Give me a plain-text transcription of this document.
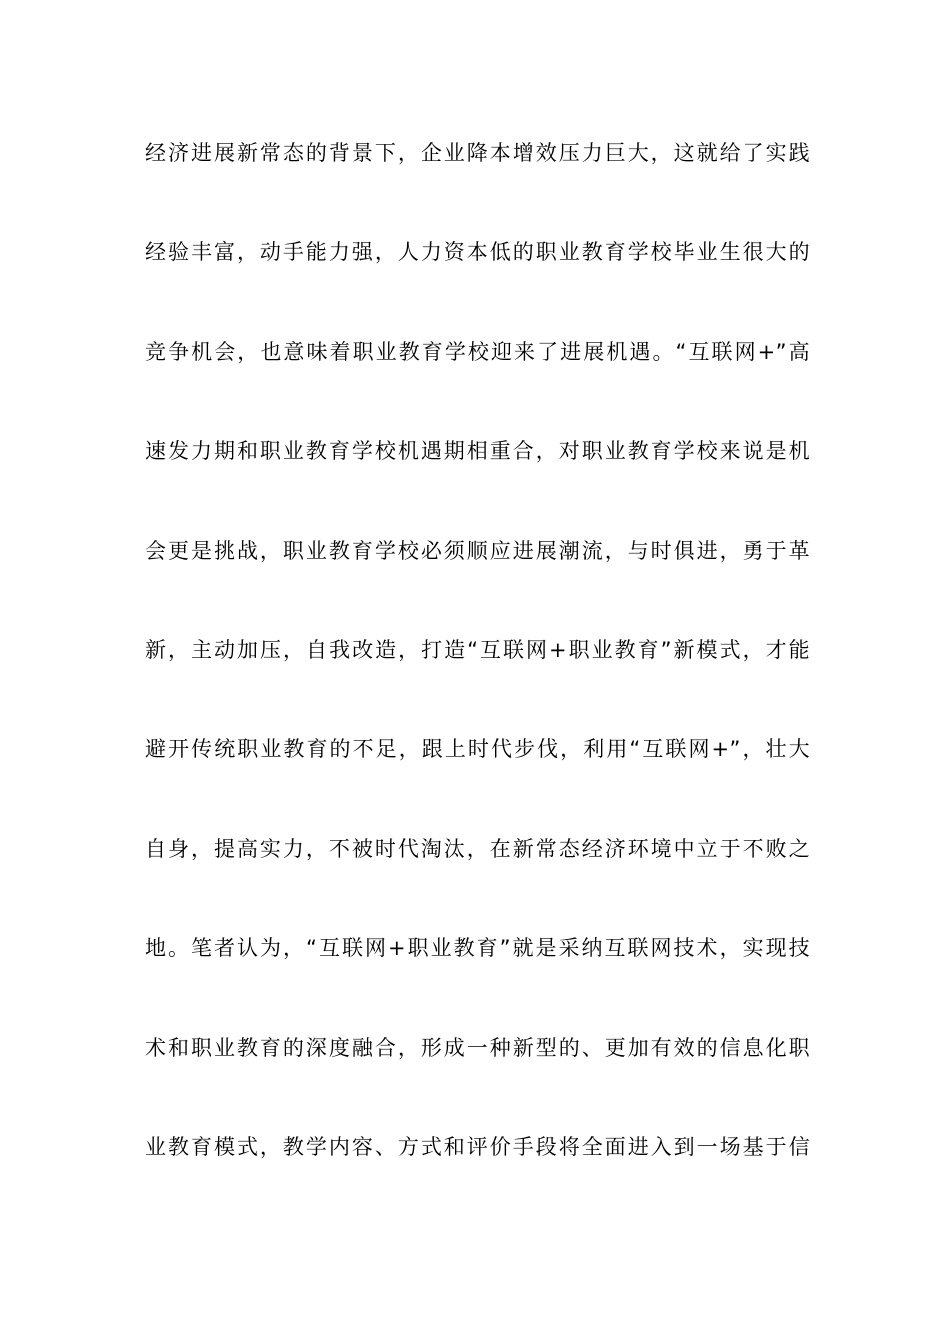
经济进展新常态的背景下，企业降本增效压力巨大，这就给了实践
经验丰富，动手能力强，人力资本低的职业教育学校毕业生很大的
竞争机会，也意味着职业教育学校迎来了进展机遇。“互联网+”高
速发力期和职业教育学校机遇期相重合，对职业教育学校来说是机
会更是挑战，职业教育学校必须顺应进展潮流，与时俱进，勇于革
新，主动加压，自我改造，打造“互联网+职业教育”新模式，才能
避开传统职业教育的不足，跟上时代步伐，利用“互联网+”，壮大
自身，提高实力，不被时代淘汰，在新常态经济环境中立于不败之
地。笔者认为，“互联网+职业教育”就是采纳互联网技术，实现技
术和职业教育的深度融合，形成一种新型的、更加有效的信息化职
业教育模式，教学内容、方式和评价手段将全面进入到一场基于信
